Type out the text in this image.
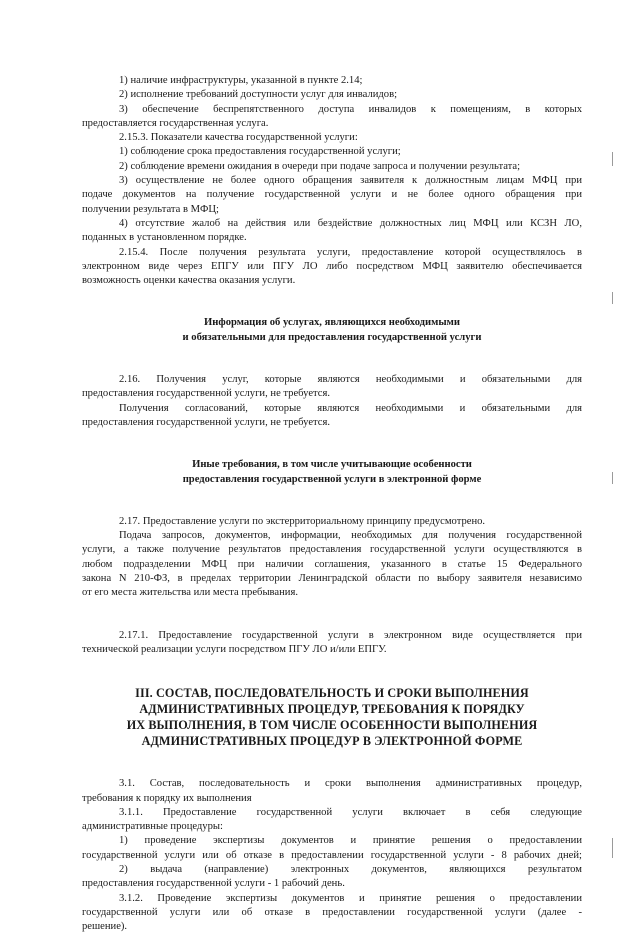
1) наличие инфраструктуры, указанной в пункте 2.14;
2) исполнение требований доступности услуг для инвалидов;
3) обеспечение беспрепятственного доступа инвалидов к помещениям, в которых
предоставляется государственная услуга.
2.15.3. Показатели качества государственной услуги:
1) соблюдение срока предоставления государственной услуги;
2) соблюдение времени ожидания в очереди при подаче запроса и получении результата;
3) осуществление не более одного обращения заявителя к должностным лицам МФЦ при
подаче документов на получение государственной услуги и не более одного обращения при
получении результата в МФЦ;
4) отсутствие жалоб на действия или бездействие должностных лиц МФЦ или КСЗН ЛО,
поданных в установленном порядке.
2.15.4. После получения результата услуги, предоставление которой осуществлялось в
электронном виде через ЕПГУ или ПГУ ЛО либо посредством МФЦ заявителю обеспечивается
возможность оценки качества оказания услуги.
Информация об услугах, являющихся необходимыми
и обязательными для предоставления государственной услуги
2.16. Получения услуг, которые являются необходимыми и обязательными для
предоставления государственной услуги, не требуется.
Получения согласований, которые являются необходимыми и обязательными для
предоставления государственной услуги, не требуется.
Иные требования, в том числе учитывающие особенности
предоставления государственной услуги в электронной форме
2.17. Предоставление услуги по экстерриториальному принципу предусмотрено.
Подача запросов, документов, информации, необходимых для получения государственной
услуги, а также получение результатов предоставления государственной услуги осуществляются в
любом подразделении МФЦ при наличии соглашения, указанного в статье 15 Федерального
закона N 210-ФЗ, в пределах территории Ленинградской области по выбору заявителя независимо
от его места жительства или места пребывания.
2.17.1. Предоставление государственной услуги в электронном виде осуществляется при
технической реализации услуги посредством ПГУ ЛО и/или ЕПГУ.
III. СОСТАВ, ПОСЛЕДОВАТЕЛЬНОСТЬ И СРОКИ ВЫПОЛНЕНИЯ
АДМИНИСТРАТИВНЫХ ПРОЦЕДУР, ТРЕБОВАНИЯ К ПОРЯДКУ
ИХ ВЫПОЛНЕНИЯ, В ТОМ ЧИСЛЕ ОСОБЕННОСТИ ВЫПОЛНЕНИЯ
АДМИНИСТРАТИВНЫХ ПРОЦЕДУР В ЭЛЕКТРОННОЙ ФОРМЕ
3.1. Состав, последовательность и сроки выполнения административных процедур,
требования к порядку их выполнения
3.1.1. Предоставление государственной услуги включает в себя следующие
административные процедуры:
1) проведение экспертизы документов и принятие решения о предоставлении
государственной услуги или об отказе в предоставлении государственной услуги - 8 рабочих дней;
2) выдача (направление) электронных документов, являющихся результатом
предоставления государственной услуги - 1 рабочий день.
3.1.2. Проведение экспертизы документов и принятие решения о предоставлении
государственной услуги или об отказе в предоставлении государственной услуги (далее -
решение).
